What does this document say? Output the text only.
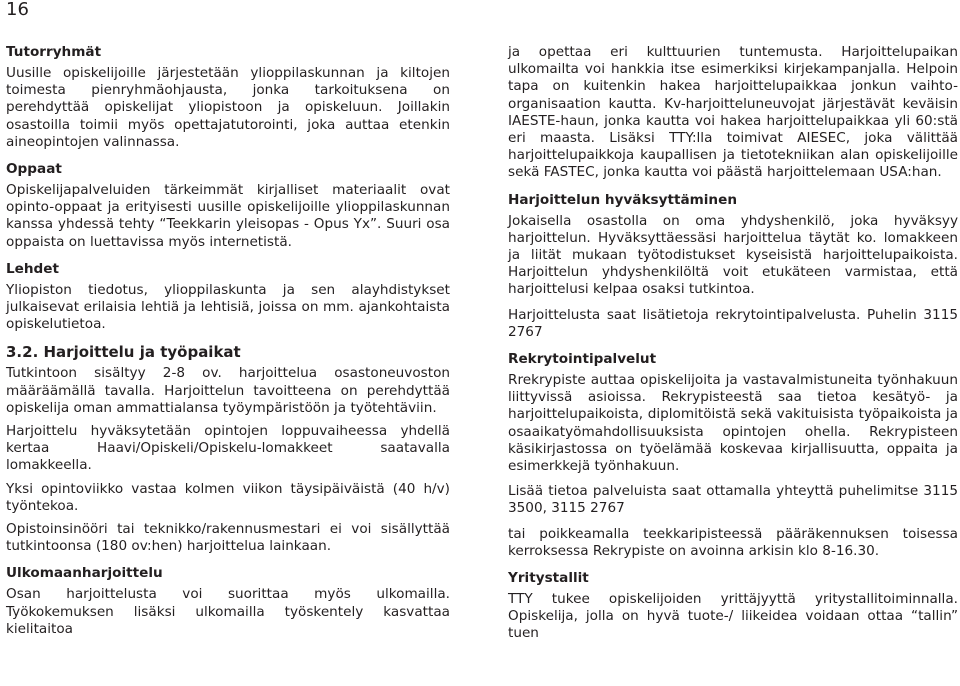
16
Tutorryhmät

Uusille opiskelijoille järjestetään ylioppilaskunnan ja kiltojen toimesta pienryhmäohjausta, jonka tarkoituksena on perehdyttää opiskelijat yliopistoon ja opiskeluun. Joillakin osastoilla toimii myös opettajatutorointi, joka auttaa etenkin aineopintojen valinnassa.

Oppaat

Opiskelijapalveluiden tärkeimmät kirjalliset materiaalit ovat opinto-oppaat ja erityisesti uusille opiskelijoille ylioppilaskunnan kanssa yhdessä tehty “Teekkarin yleisopas - Opus Yx”. Suuri osa oppaista on luettavissa myös internetistä.

Lehdet

Yliopiston tiedotus, ylioppilaskunta ja sen alayhdistykset julkaisevat erilaisia lehtiä ja lehtisiä, joissa on mm. ajankohtaista opiskelutietoa.

3.2. Harjoittelu ja työpaikat

Tutkintoon sisältyy 2-8 ov. harjoittelua osastoneuvoston määräämällä tavalla. Harjoittelun tavoitteena on perehdyttää opiskelija oman ammattialansa työympäristöön ja työtehtäviin.

Harjoittelu hyväksytetään opintojen loppuvaiheessa yhdellä kertaa Haavi/Opiskeli/Opiskelu-lomakkeet saatavalla lomakkeella.

Yksi opintoviikko vastaa kolmen viikon täysipäiväistä (40 h/v) työntekoa.

Opistoinsinööri tai teknikko/rakennusmestari ei voi sisällyttää tutkintoonsa (180 ov:hen) harjoittelua lainkaan.

Ulkomaanharjoittelu

Osan harjoittelusta voi suorittaa myös ulkomailla. Työkokemuksen lisäksi ulkomailla työskentely kasvattaa kielitaitoa

ja opettaa eri kulttuurien tuntemusta. Harjoittelupaikan ulkomailta voi hankkia itse esimerkiksi kirjekampanjalla. Helpoin tapa on kuitenkin hakea harjoittelupaikkaa jonkun vaihto-organisaation kautta. Kv-harjoitteluneuvojat järjestävät keväisin IAESTE-haun, jonka kautta voi hakea harjoittelupaikkaa yli 60:stä eri maasta. Lisäksi TTY:lla toimivat AIESEC, joka välittää harjoittelupaikkoja kaupallisen ja tietotekniikan alan opiskelijoille sekä FASTEC, jonka kautta voi päästä harjoittelemaan USA:han.

Harjoittelun hyväksyttäminen

Jokaisella osastolla on oma yhdyshenkilö, joka hyväksyy harjoittelun. Hyväksyttäessäsi harjoittelua täytät ko. lomakkeen ja liität mukaan työtodistukset kyseisistä harjoittelupaikoista. Harjoittelun yhdyshenkilöltä voit etukäteen varmistaa, että harjoittelusi kelpaa osaksi tutkintoa.

Harjoittelusta saat lisätietoja rekrytointipalvelusta. Puhelin 3115 2767

Rekrytointipalvelut

Rrekrypiste auttaa opiskelijoita ja vastavalmistuneita työnhakuun liittyvissä asioissa. Rekrypisteestä saa tietoa kesätyö- ja harjoittelupaikoista, diplomitöistä sekä vakituisista työpaikoista ja osaaikatyömahdollisuuksista opintojen ohella. Rekrypisteen käsikirjastossa on työelämää koskevaa kirjallisuutta, oppaita ja esimerkkejä työnhakuun.

Lisää tietoa palveluista saat ottamalla yhteyttä puhelimitse 3115 3500, 3115 2767

tai poikkeamalla teekkaripisteessä pääräkennuksen toisessa kerroksessa Rekrypiste on avoinna arkisin klo 8-16.30.

Yritystallit

TTY tukee opiskelijoiden yrittäjyyttä yritystallitoiminnalla. Opiskelija, jolla on hyvä tuote-/ liikeidea voidaan ottaa “tallin” tuen
